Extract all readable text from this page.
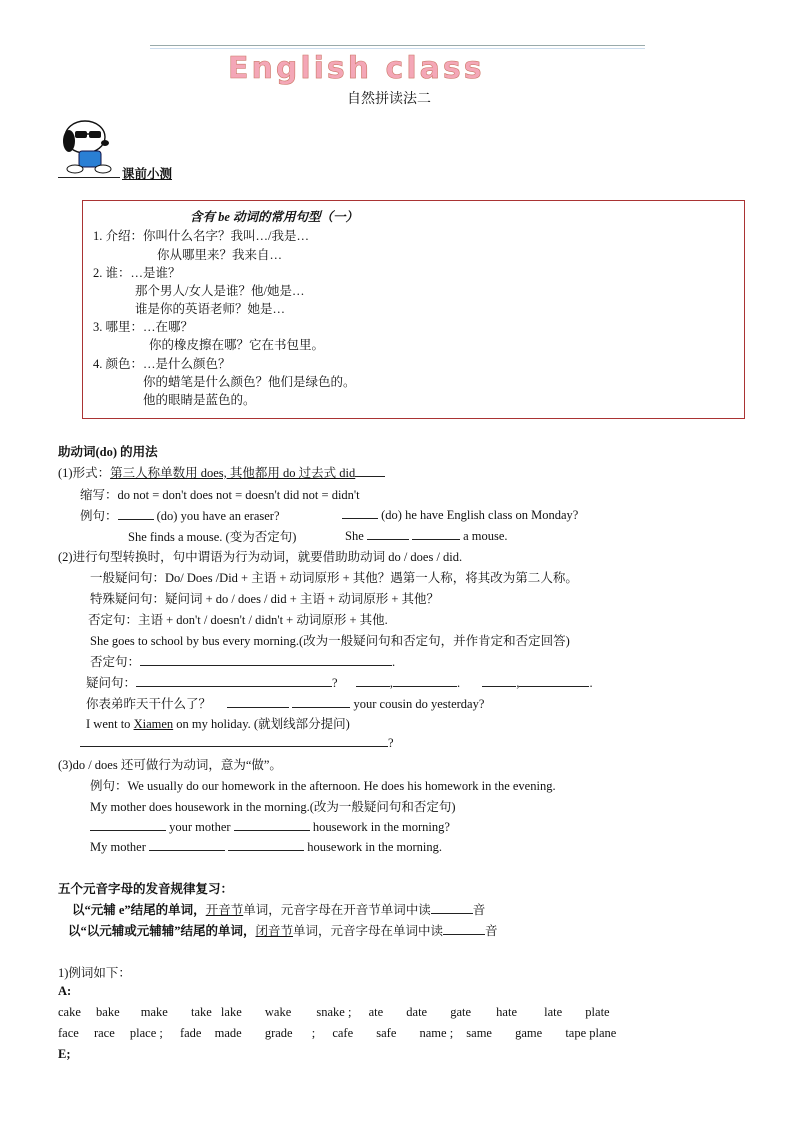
English class
自然拼读法二
课前小测
含有 be 动词的常用句型（一）
1. 介绍：你叫什么名字？我叫…/我是…
你从哪里来？我来自…
2. 谁：…是谁？
那个男人/女人是谁？他/她是…
谁是你的英语老师？她是…
3. 哪里：…在哪？
你的橡皮擦在哪？它在书包里。
4. 颜色：…是什么颜色？
你的蜡笔是什么颜色？他们是绿色的。
他的眼睛是蓝色的。
助动词(do) 的用法
(1)形式：第三人称单数用 does, 其他都用 do 过去式 did
缩写：do not = don't does not = doesn't did not = didn't
例句：	(do) you have an eraser?	(do) he have English class on Monday?
She finds a mouse. (变为否定句)	She	a mouse.
(2)进行句型转换时，句中谓语为行为动词，就要借助助动词 do / does / did.
一般疑问句：Do/ Does /Did + 主语 + 动词原形 + 其他？遇第一人称，将其改为第二人称。
特殊疑问句：疑问词 + do / does / did + 主语 + 动词原形 + 其他？
否定句：主语 + don't / doesn't / didn't + 动词原形 + 其他.
She goes to school by bus every morning.(改为一般疑问句和否定句，并作肯定和否定回答)
否定句：	.
疑问句：	?	,	.	,	.
你表弟昨天干什么了？	your cousin do yesterday?
I went to Xiamen on my holiday. (就划线部分提问)
?
(3)do / does 还可做行为动词，意为“做”。
例句：We usually do our homework in the afternoon. He does his homework in the evening.
My mother does housework in the morning.(改为一般疑问句和否定句)
your mother	housework in the morning?
My mother	housework in the morning.
五个元音字母的发音规律复习：
以“元辅 e”结尾的单词，开音节单词，元音字母在开音节单词中读	音
以“以元辅或元辅辅”结尾的单词，闭音节单词，元音字母在单词中读	音
1)例词如下：
A:
cake bake make take lake wake snake ; ate date gate hate late plate
face race place ; fade made grade ; cafe safe name ; same game tape plane
E;
